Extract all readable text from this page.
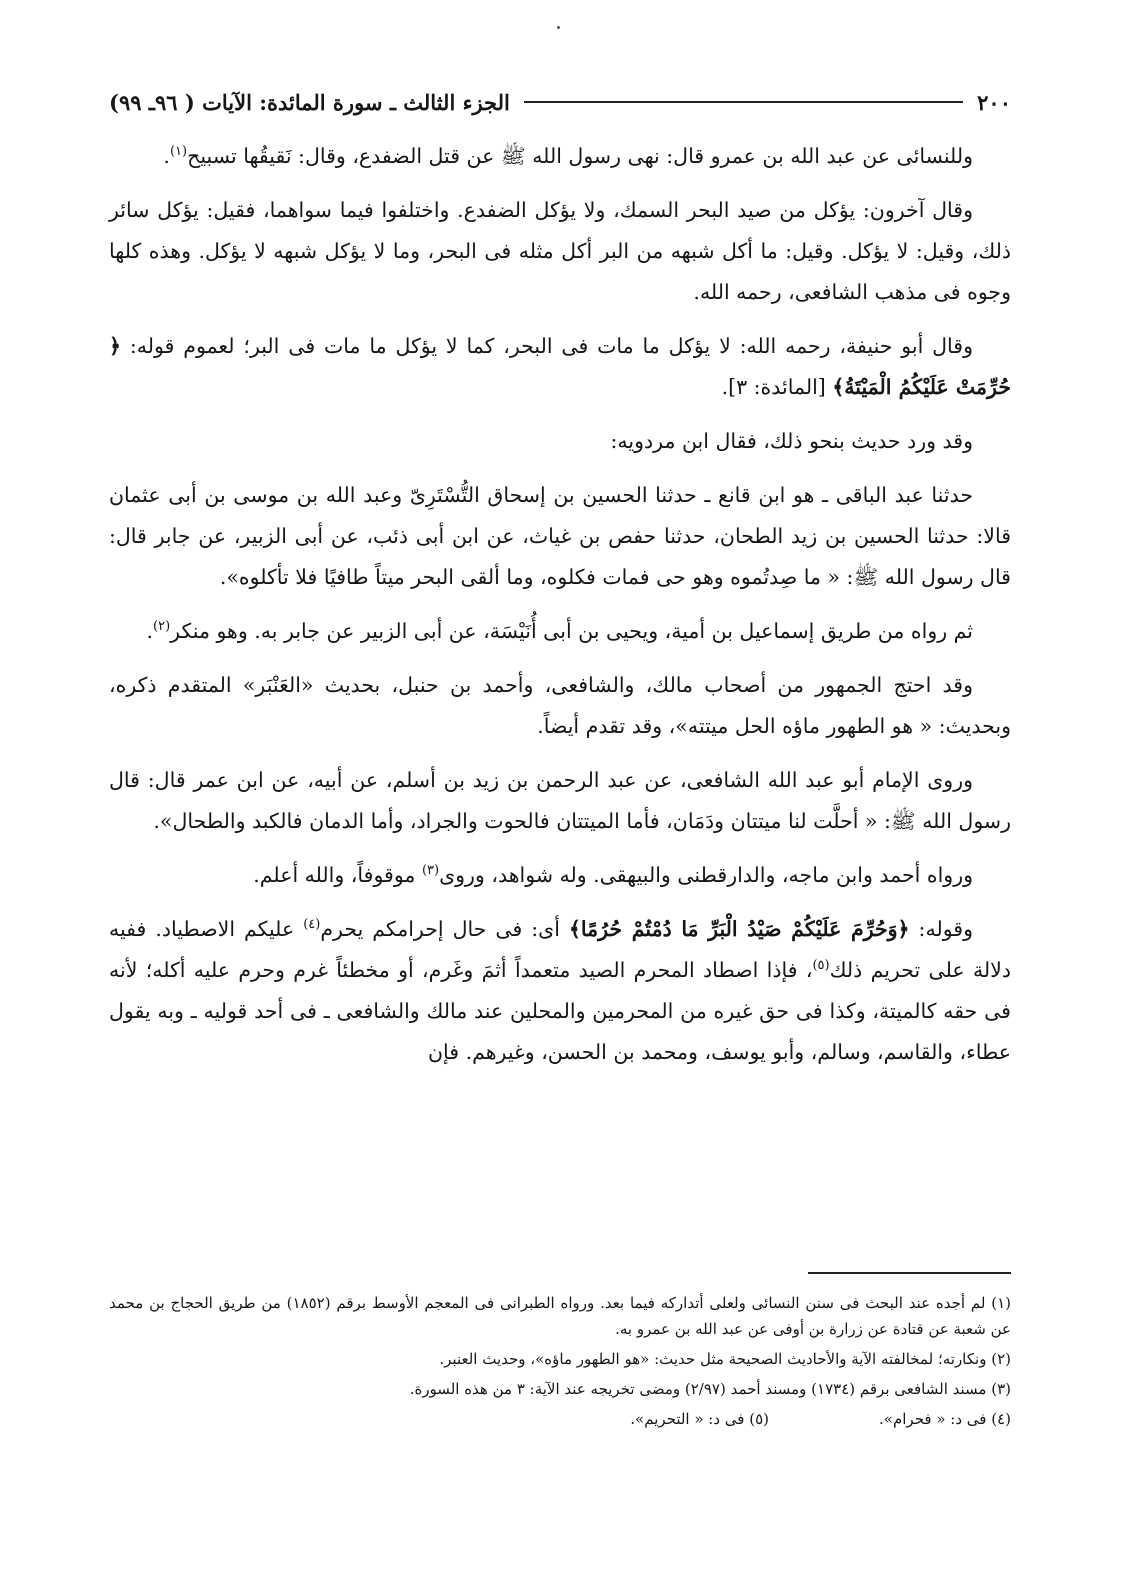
٢٠٠
الجزء الثالث ـ سورة المائدة: الآيات ( ٩٦ـ ٩٩)

وللنسائى عن عبد الله بن عمرو قال: نهى رسول الله ﷺ عن قتل الضفدع، وقال: نَقيقُها تسبيح$^{(١)}$.

وقال آخرون: يؤكل من صيد البحر السمك، ولا يؤكل الضفدع. واختلفوا فيما سواهما، فقيل: يؤكل سائر ذلك، وقيل: لا يؤكل. وقيل: ما أكل شبهه من البر أكل مثله فى البحر، وما لا يؤكل شبهه لا يؤكل. وهذه كلها وجوه فى مذهب الشافعى، رحمه الله.

وقال أبو حنيفة، رحمه الله: لا يؤكل ما مات فى البحر، كما لا يؤكل ما مات فى البر؛ لعموم قوله: ﴿ حُرِّمَتْ عَلَيْكُمُ الْمَيْتَةُ﴾ [المائدة: ٣].

وقد ورد حديث بنحو ذلك، فقال ابن مردويه:

حدثنا عبد الباقى ـ هو ابن قانع ـ حدثنا الحسين بن إسحاق التُّسْتَرِىّ وعبد الله بن موسى بن أبى عثمان قالا: حدثنا الحسين بن زيد الطحان، حدثنا حفص بن غياث، عن ابن أبى ذئب، عن أبى الزبير، عن جابر قال: قال رسول الله ﷺ: « ما صِدتُموه وهو حى فمات فكلوه، وما ألقى البحر ميتاً طافيًا فلا تأكلوه».

ثم رواه من طريق إسماعيل بن أمية، ويحيى بن أبى أُنَيْسَة، عن أبى الزبير عن جابر به. وهو منكر$^{(٢)}$.

وقد احتج الجمهور من أصحاب مالك، والشافعى، وأحمد بن حنبل، بحديث «العَنْبَر» المتقدم ذكره، وبحديث: « هو الطهور ماؤه الحل ميتته»، وقد تقدم أيضاً.

وروى الإمام أبو عبد الله الشافعى، عن عبد الرحمن بن زيد بن أسلم، عن أبيه، عن ابن عمر قال: قال رسول الله ﷺ: « أحلَّت لنا ميتتان ودَمَان، فأما الميتتان فالحوت والجراد، وأما الدمان فالكبد والطحال».

ورواه أحمد وابن ماجه، والدارقطنى والبيهقى. وله شواهد، وروى$^{(٣)}$ موقوفاً، والله أعلم.

وقوله: ﴿وَحُرِّمَ عَلَيْكُمْ صَيْدُ الْبَرِّ مَا دُمْتُمْ حُرُمًا﴾ أى: فى حال إحرامكم يحرم$^{(٤)}$ عليكم الاصطياد. ففيه دلالة على تحريم ذلك$^{(٥)}$، فإذا اصطاد المحرم الصيد متعمداً أثمَ وغَرم، أو مخطئاً غرم وحرم عليه أكله؛ لأنه فى حقه كالميتة، وكذا فى حق غيره من المحرمين والمحلين عند مالك والشافعى ـ فى أحد قوليه ـ وبه يقول عطاء، والقاسم، وسالم، وأبو يوسف، ومحمد بن الحسن، وغيرهم. فإن

(١) لم أجده عند البحث فى سنن النسائى ولعلى أتداركه فيما بعد. ورواه الطبرانى فى المعجم الأوسط برقم (١٨٥٢) من طريق الحجاج بن محمد عن شعبة عن قتادة عن زرارة بن أوفى عن عبد الله بن عمرو به.

(٢) ونكارته؛ لمخالفته الآية والأحاديث الصحيحة مثل حديث: «هو الطهور ماؤه»، وحديث العنبر.

(٣) مسند الشافعى برقم (١٧٣٤) ومسند أحمد (٢/٩٧) ومضى تخريجه عند الآية: ٣ من هذه السورة.

(٤) فى د: « فحرام».
(٥) فى د: « التحريم».
